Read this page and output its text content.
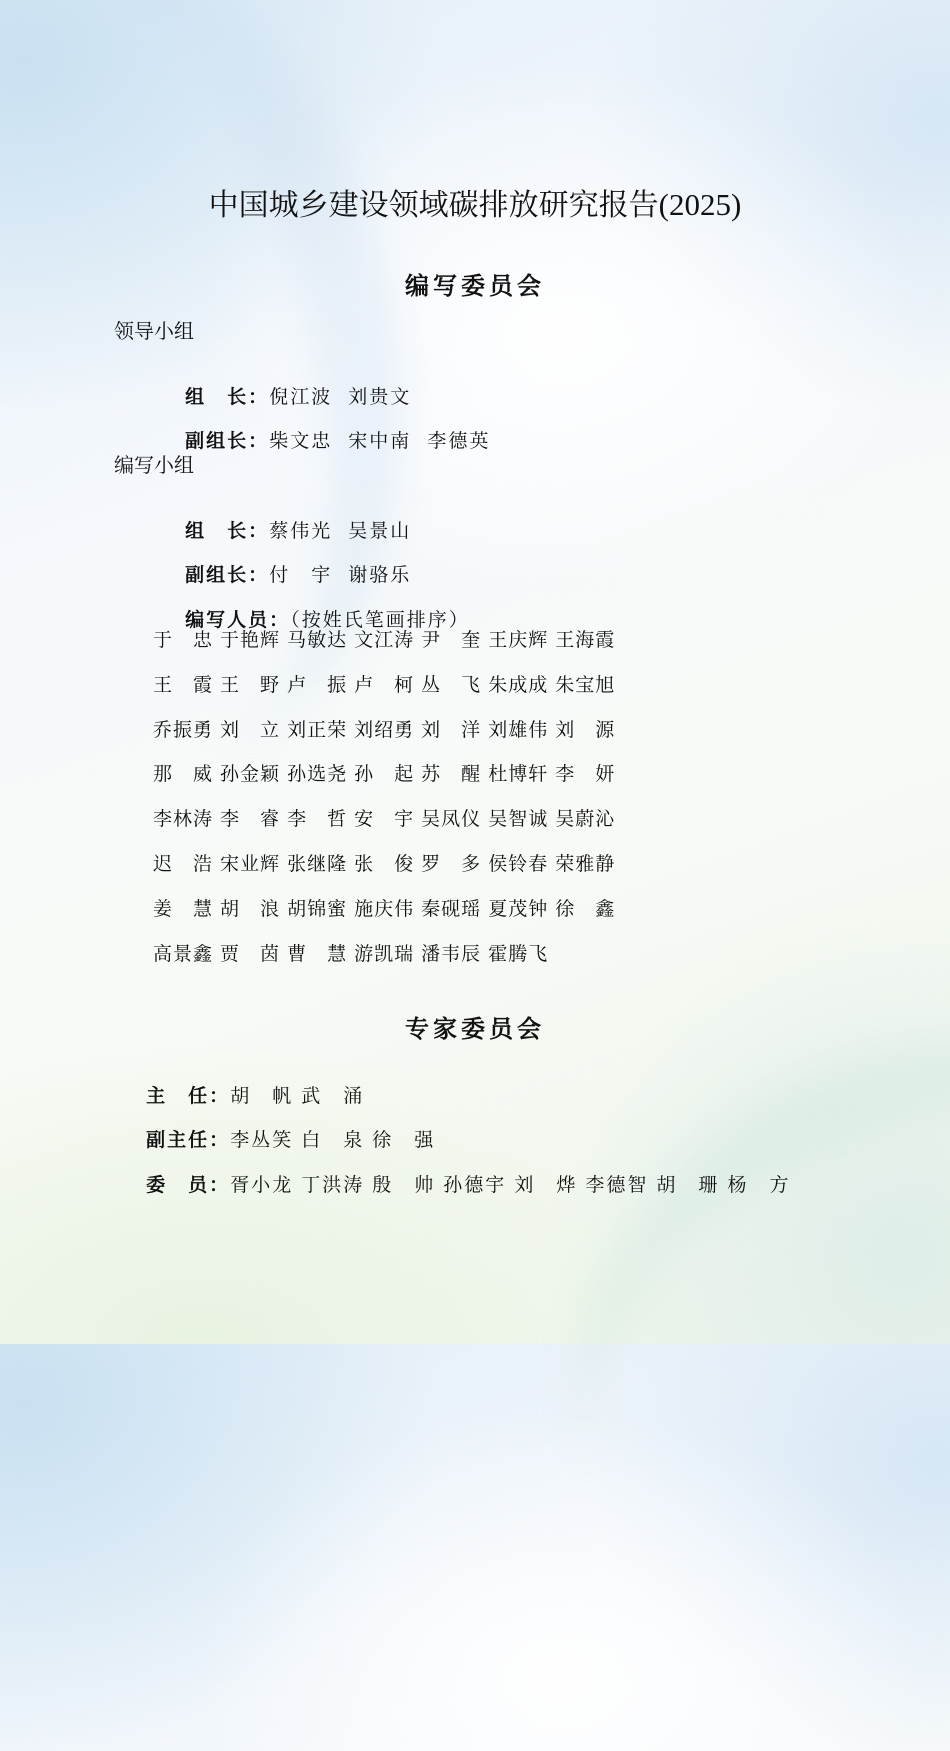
中国城乡建设领域碳排放研究报告(2025)
编写委员会
领导小组

组　长：倪江波  刘贵文

副组长：柴文忠  宋中南  李德英

编写小组

组　长：蔡伟光  吴景山

副组长：付　宇  谢骆乐

编写人员：（按姓氏笔画排序）

于　忠 于艳辉 马敏达 文江涛 尹　奎 王庆辉 王海霞
王　霞 王　野 卢　振 卢　柯 丛　飞 朱成成 朱宝旭
乔振勇 刘　立 刘正荣 刘绍勇 刘　洋 刘雄伟 刘　源
那　威 孙金颖 孙选尧 孙　起 苏　醒 杜博轩 李　妍
李林涛 李　睿 李　哲 安　宇 吴凤仪 吴智诚 吴蔚沁
迟　浩 宋业辉 张继隆 张　俊 罗　多 侯铃春 荣雅静
姜　慧 胡　浪 胡锦蜜 施庆伟 秦砚瑶 夏茂钟 徐　鑫
高景鑫 贾　茵 曹　慧 游凯瑞 潘韦辰 霍腾飞
专家委员会

主　任：胡　帆 武　涌

副主任：李丛笑 白　泉 徐　强

委　员：胥小龙 丁洪涛 殷　帅 孙德宇 刘　烨 李德智 胡　珊 杨　方
